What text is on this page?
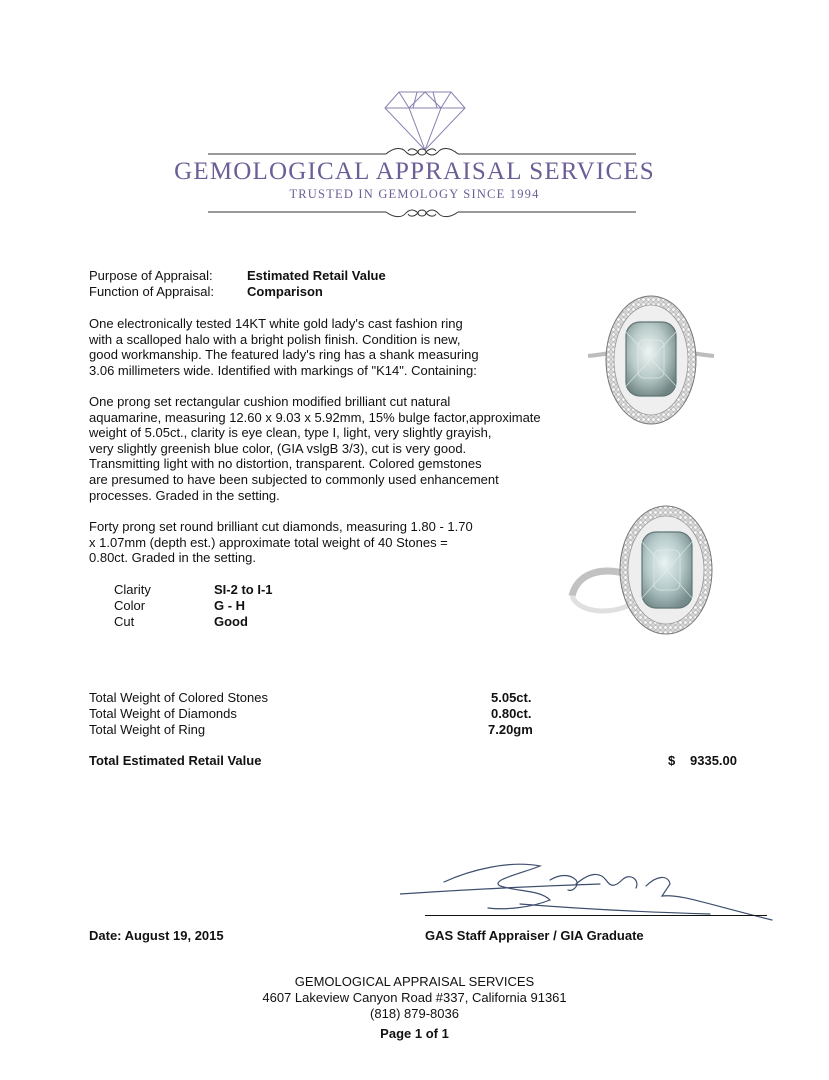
GEMOLOGICAL APPRAISAL SERVICES
TRUSTED IN GEMOLOGY SINCE 1994
Purpose of Appraisal:	Estimated Retail Value
Function of Appraisal:	Comparison
One electronically tested 14KT white gold lady's cast fashion ring
with a scalloped halo with a bright polish finish. Condition is new,
good workmanship. The featured lady's ring has a shank measuring
3.06 millimeters wide. Identified with markings of "K14". Containing:
One prong set rectangular cushion modified brilliant cut natural
aquamarine, measuring 12.60 x 9.03 x 5.92mm, 15% bulge factor,approximate
weight of 5.05ct., clarity is eye clean, type I, light, very slightly grayish,
very slightly greenish blue color, (GIA vslgB 3/3), cut is very good.
Transmitting light with no distortion, transparent. Colored gemstones
are presumed to have been subjected to commonly used enhancement
processes. Graded in the setting.
Forty prong set round brilliant cut diamonds, measuring 1.80 - 1.70
x 1.07mm (depth est.) approximate total weight of 40 Stones =
0.80ct. Graded in the setting.
Clarity	SI-2 to I-1
Color	G - H
Cut	Good
Total Weight of Colored Stones	5.05ct.
Total Weight of Diamonds	0.80ct.
Total Weight of Ring	7.20gm
Total Estimated Retail Value	$ 9335.00
Date: August 19, 2015	GAS Staff Appraiser / GIA Graduate
GEMOLOGICAL APPRAISAL SERVICES
4607 Lakeview Canyon Road #337, California 91361
(818) 879-8036
Page 1 of 1
